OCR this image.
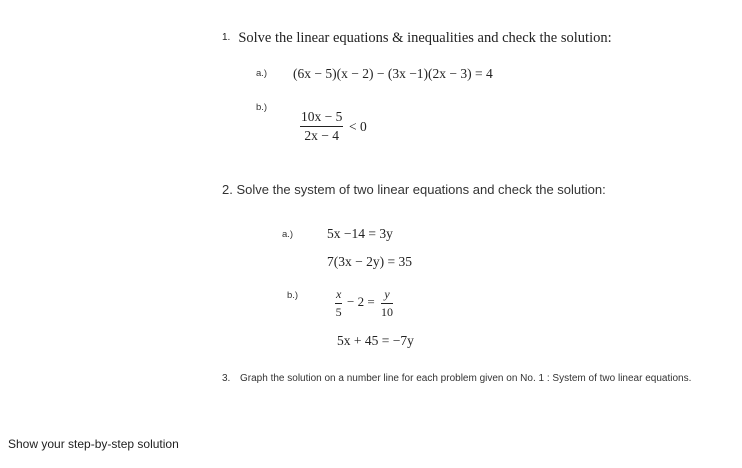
1. Solve the linear equations & inequalities and check the solution:
a.) (6x − 5)(x − 2) − (3x −1)(2x − 3) = 4
b.)
$\frac{10x - 5}{2x - 4} < 0$
2. Solve the system of two linear equations and check the solution:
a.)	5x −14 = 3y
7(3x − 2y) = 35
b.)	$\frac{x}{5} - 2 = \frac{y}{10}$
5x + 45 = −7y
3. Graph the solution on a number line for each problem given on No. 1 : System of two linear equations.
Show your step-by-step solution
